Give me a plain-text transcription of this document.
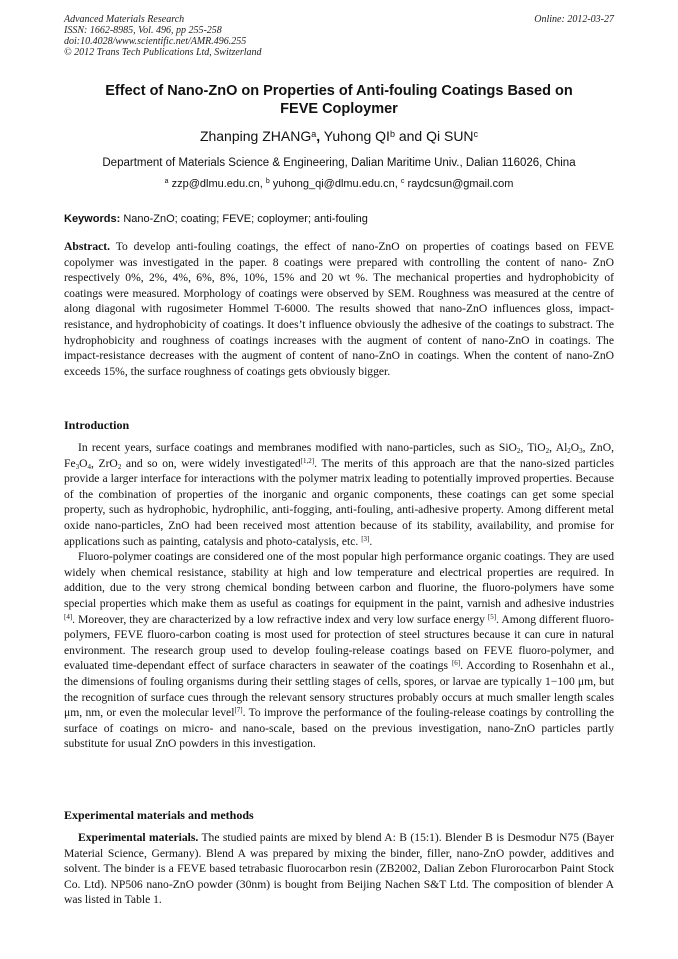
Advanced Materials Research
ISSN: 1662-8985, Vol. 496, pp 255-258
doi:10.4028/www.scientific.net/AMR.496.255
© 2012 Trans Tech Publications Ltd, Switzerland
Online: 2012-03-27
Effect of Nano-ZnO on Properties of Anti-fouling Coatings Based on
FEVE Coploymer
Zhanping ZHANG$^a$, Yuhong $QI^b$ and Qi SUN$^c$
Department of Materials Science & Engineering, Dalian Maritime Univ., Dalian 116026, China
$^a$ zzp@dlmu.edu.cn, $^b$ yuhong_qi@dlmu.edu.cn, $^c$ raydcsun@gmail.com
Keywords: Nano-ZnO; coating; FEVE; coploymer; anti-fouling

Abstract. To develop anti-fouling coatings, the effect of nano-ZnO on properties of coatings based on FEVE copolymer was investigated in the paper. 8 coatings were prepared with controlling the content of nano- ZnO respectively 0%, 2%, 4%, 6%, 8%, 10%, 15% and 20 wt %. The mechanical properties and hydrophobicity of coatings were measured. Morphology of coatings were observed by SEM. Roughness was measured at the centre of along diagonal with rugosimeter Hommel T-6000. The results showed that nano-ZnO influences gloss, impact-resistance, and hydrophobicity of coatings. It does’t influence obviously the adhesive of the coatings to substract. The hydrophobicity and roughness of coatings increases with the augment of content of nano-ZnO in coatings. The impact-resistance decreases with the augment of content of nano-ZnO in coatings. When the content of nano-ZnO exceeds 15%, the surface roughness of coatings gets obviously bigger.

Introduction

In recent years, surface coatings and membranes modified with nano-particles, such as SiO$_2$, TiO$_2$, $Al_2O_3$, ZnO, $Fe_3O_4$, ZrO$_2$ and so on, were widely investigated[1,2]. The merits of this approach are that the nano-sized particles provide a larger interface for interactions with the polymer matrix leading to potentially improved properties. Because of the combination of properties of the inorganic and organic components, these coatings can get some special property, such as hydrophobic, hydrophilic, anti-fogging, anti-fouling, anti-adhesive property. Among different metal oxide nano-particles, ZnO had been received most attention because of its stability, availability, and promise for applications such as painting, catalysis and photo-catalysis, etc. [3].

Fluoro-polymer coatings are considered one of the most popular high performance organic coatings. They are used widely when chemical resistance, stability at high and low temperature and electrical properties are required. In addition, due to the very strong chemical bonding between carbon and fluorine, the fluoro-polymers have some special properties which make them as useful as coatings for equipment in the paint, varnish and adhesive industries [4]. Moreover, they are characterized by a low refractive index and very low surface energy [5]. Among different fluoro-polymers, FEVE fluoro-carbon coating is most used for protection of steel structures because it can cure in natural environment. The research group used to develop fouling-release coatings based on FEVE fluoro-polymer, and evaluated time-dependant effect of surface characters in seawater of the coatings [6]. According to Rosenhahn et al., the dimensions of fouling organisms during their settling stages of cells, spores, or larvae are typically 1−100 μm, but the recognition of surface cues through the relevant sensory structures probably occurs at much smaller length scales μm, nm, or even the molecular level[7]. To improve the performance of the fouling-release coatings by controlling the surface of coatings on micro- and nano-scale, based on the previous investigation, nano-ZnO particles partly substitute for usual ZnO powders in this investigation.

Experimental materials and methods

Experimental materials. The studied paints are mixed by blend A: B (15:1). Blender B is Desmodur N75 (Bayer Material Science, Germany). Blend A was prepared by mixing the binder, filler, nano-ZnO powder, additives and solvent. The binder is a FEVE based tetrabasic fluorocarbon resin (ZB2002, Dalian Zebon Flurorocarbon Paint Stock Co. Ltd). NP506 nano-ZnO powder (30nm) is bought from Beijing Nachen S&T Ltd. The composition of blender A was listed in Table 1.
